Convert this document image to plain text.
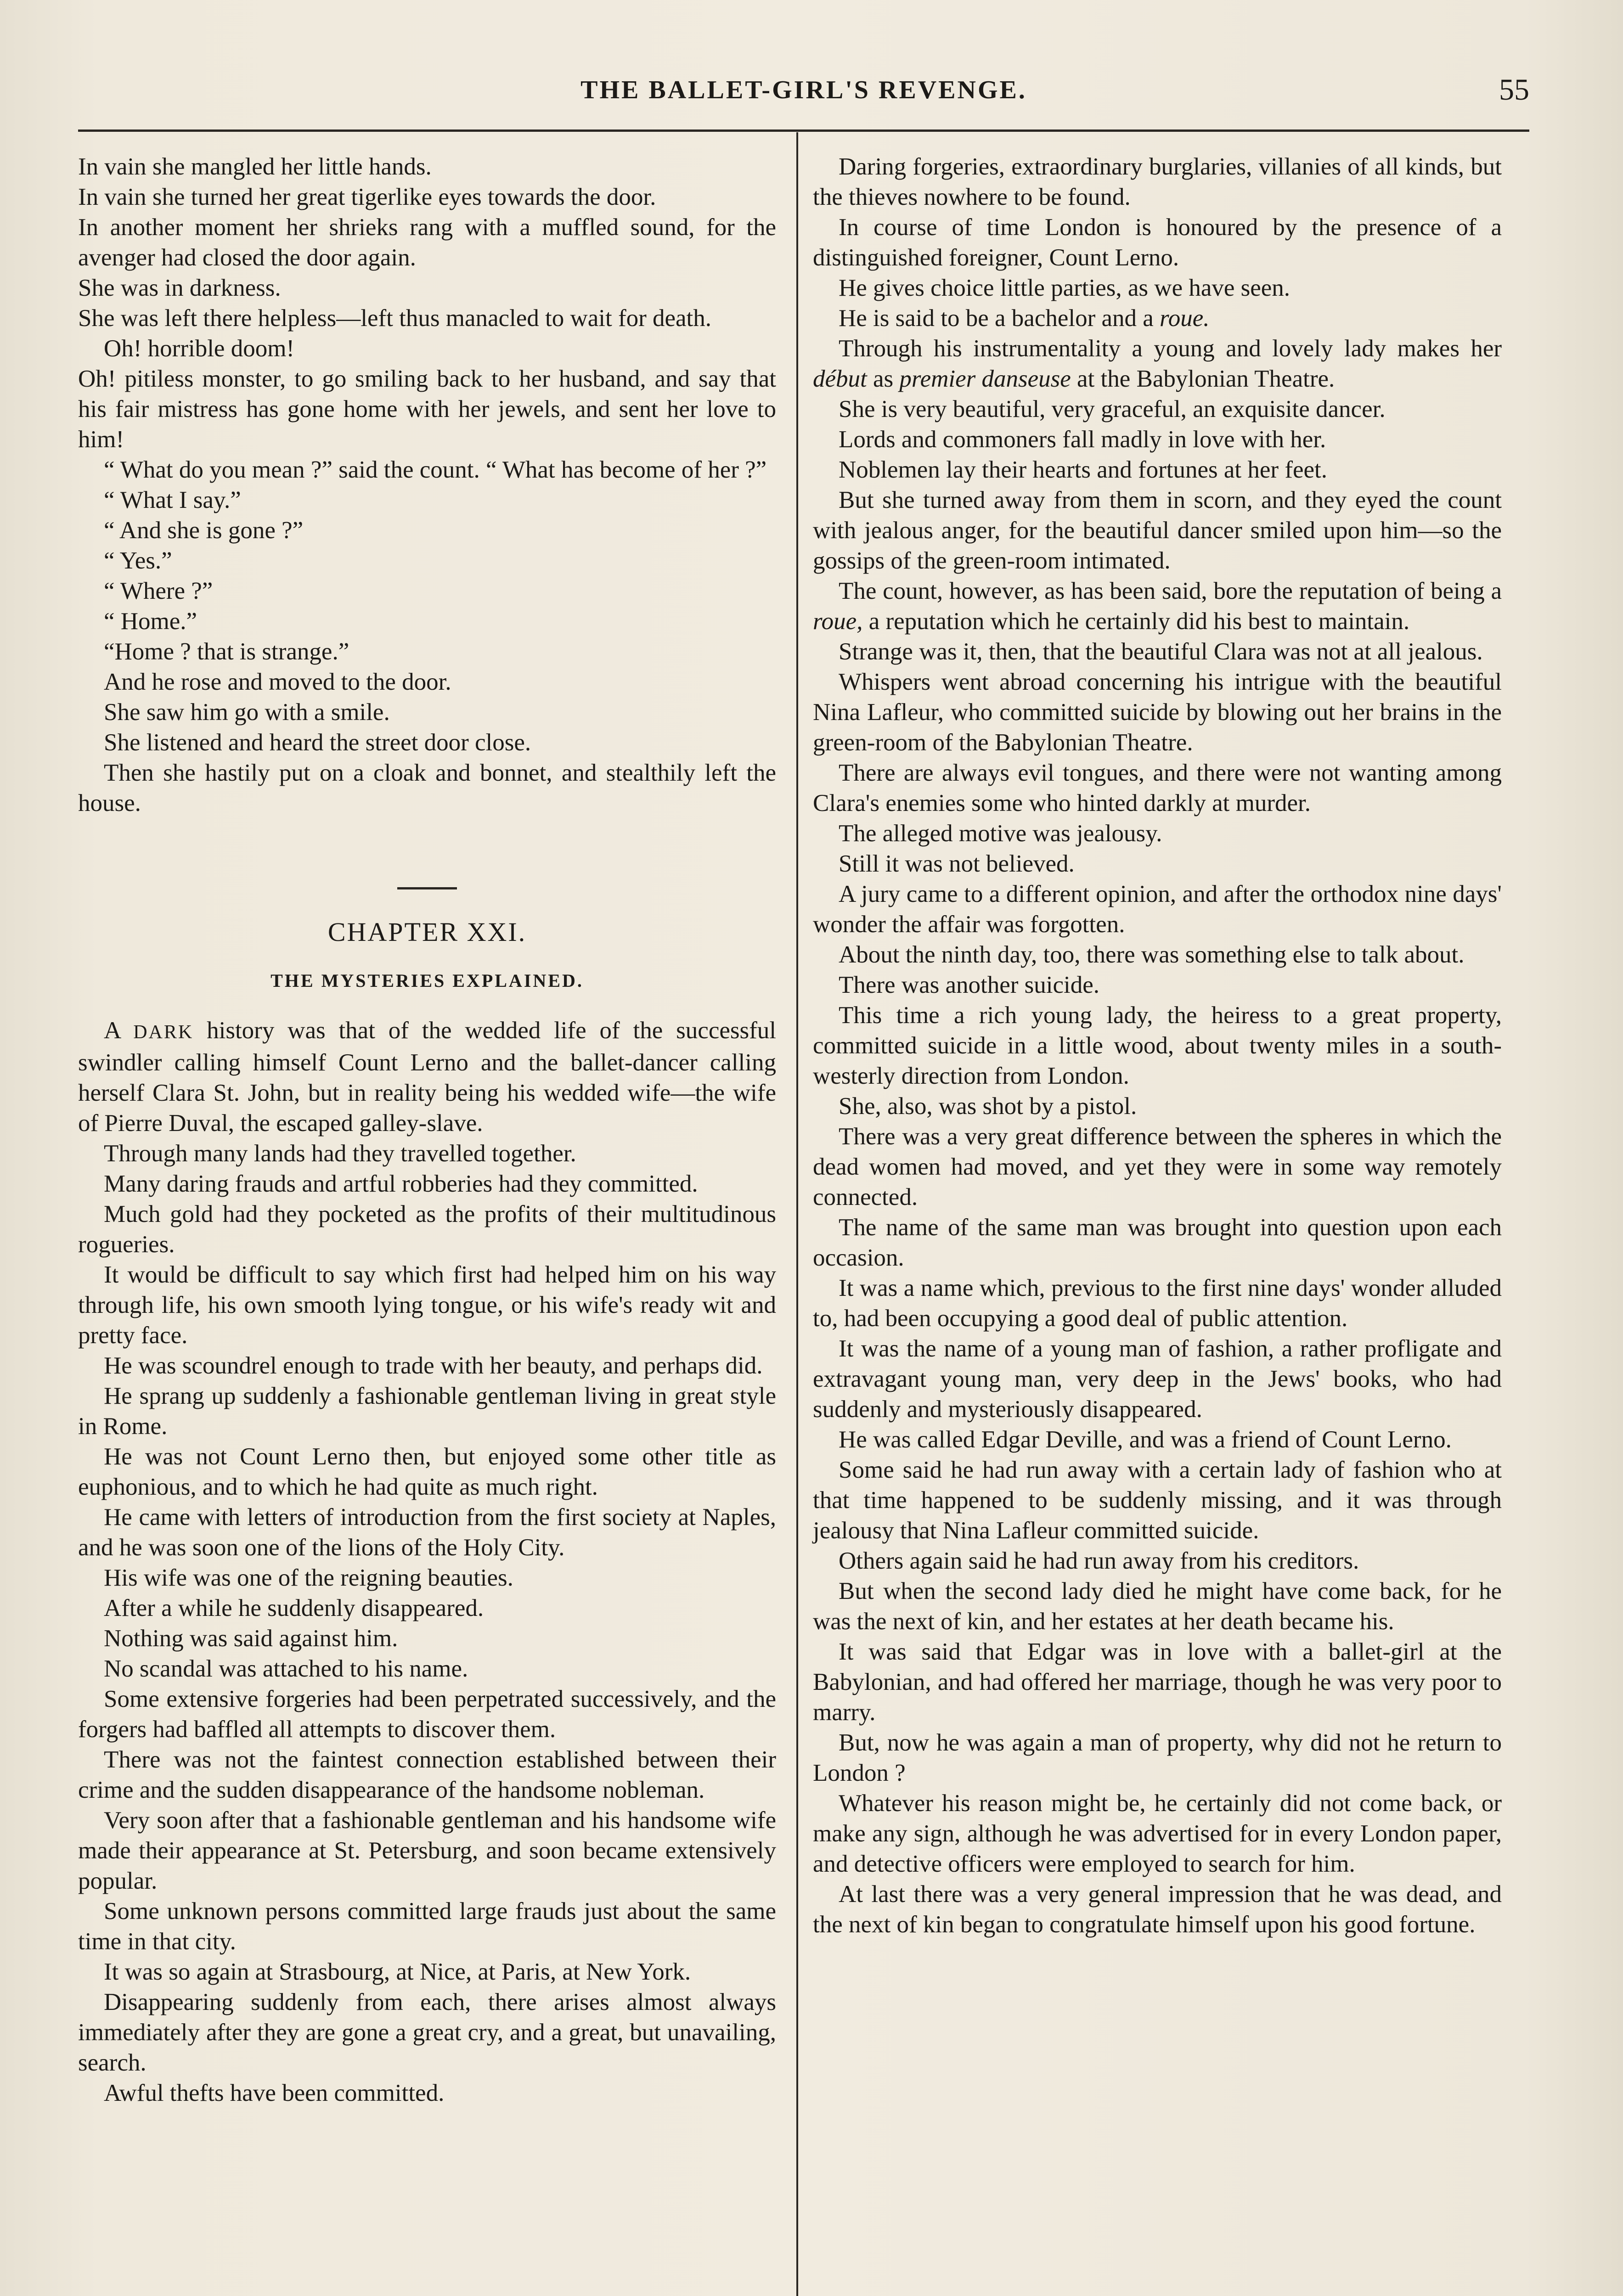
THE BALLET-GIRL'S REVENGE.	55

In vain she mangled her little hands.

In vain she turned her great tigerlike eyes towards the door.

In another moment her shrieks rang with a muffled sound, for the avenger had closed the door again.

She was in darkness.

She was left there helpless—left thus manacled to wait for death.

Oh! horrible doom!

Oh! pitiless monster, to go smiling back to her husband, and say that his fair mistress has gone home with her jewels, and sent her love to him!

“ What do you mean ?” said the count. “ What has become of her ?”

“ What I say.”

“ And she is gone ?”

“ Yes.”

“ Where ?”

“ Home.”

“Home ? that is strange.”

And he rose and moved to the door.

She saw him go with a smile.

She listened and heard the street door close.

Then she hastily put on a cloak and bonnet, and stealthily left the house.

CHAPTER XXI.
THE MYSTERIES EXPLAINED.

A DARK history was that of the wedded life of the successful swindler calling himself Count Lerno and the ballet-dancer calling herself Clara St. John, but in reality being his wedded wife—the wife of Pierre Duval, the escaped galley-slave.

Through many lands had they travelled together.

Many daring frauds and artful robberies had they committed.

Much gold had they pocketed as the profits of their multitudinous rogueries.

It would be difficult to say which first had helped him on his way through life, his own smooth lying tongue, or his wife's ready wit and pretty face.

He was scoundrel enough to trade with her beauty, and perhaps did.

He sprang up suddenly a fashionable gentleman living in great style in Rome.

He was not Count Lerno then, but enjoyed some other title as euphonious, and to which he had quite as much right.

He came with letters of introduction from the first society at Naples, and he was soon one of the lions of the Holy City.

His wife was one of the reigning beauties.

After a while he suddenly disappeared.

Nothing was said against him.

No scandal was attached to his name.

Some extensive forgeries had been perpetrated successively, and the forgers had baffled all attempts to discover them.

There was not the faintest connection established between their crime and the sudden disappearance of the handsome nobleman.

Very soon after that a fashionable gentleman and his handsome wife made their appearance at St. Petersburg, and soon became extensively popular.

Some unknown persons committed large frauds just about the same time in that city.

It was so again at Strasbourg, at Nice, at Paris, at New York.

Disappearing suddenly from each, there arises almost always immediately after they are gone a great cry, and a great, but unavailing, search.

Awful thefts have been committed.

Daring forgeries, extraordinary burglaries, villanies of all kinds, but the thieves nowhere to be found.

In course of time London is honoured by the presence of a distinguished foreigner, Count Lerno.

He gives choice little parties, as we have seen.

He is said to be a bachelor and a roue.

Through his instrumentality a young and lovely lady makes her début as premier danseuse at the Babylonian Theatre.

She is very beautiful, very graceful, an exquisite dancer.

Lords and commoners fall madly in love with her.

Noblemen lay their hearts and fortunes at her feet.

But she turned away from them in scorn, and they eyed the count with jealous anger, for the beautiful dancer smiled upon him—so the gossips of the green-room intimated.

The count, however, as has been said, bore the reputation of being a roue, a reputation which he certainly did his best to maintain.

Strange was it, then, that the beautiful Clara was not at all jealous.

Whispers went abroad concerning his intrigue with the beautiful Nina Lafleur, who committed suicide by blowing out her brains in the green-room of the Babylonian Theatre.

There are always evil tongues, and there were not wanting among Clara's enemies some who hinted darkly at murder.

The alleged motive was jealousy.

Still it was not believed.

A jury came to a different opinion, and after the orthodox nine days' wonder the affair was forgotten.

About the ninth day, too, there was something else to talk about.

There was another suicide.

This time a rich young lady, the heiress to a great property, committed suicide in a little wood, about twenty miles in a south-westerly direction from London.

She, also, was shot by a pistol.

There was a very great difference between the spheres in which the dead women had moved, and yet they were in some way remotely connected.

The name of the same man was brought into question upon each occasion.

It was a name which, previous to the first nine days' wonder alluded to, had been occupying a good deal of public attention.

It was the name of a young man of fashion, a rather profligate and extravagant young man, very deep in the Jews' books, who had suddenly and mysteriously disappeared.

He was called Edgar Deville, and was a friend of Count Lerno.

Some said he had run away with a certain lady of fashion who at that time happened to be suddenly missing, and it was through jealousy that Nina Lafleur committed suicide.

Others again said he had run away from his creditors.

But when the second lady died he might have come back, for he was the next of kin, and her estates at her death became his.

It was said that Edgar was in love with a ballet-girl at the Babylonian, and had offered her marriage, though he was very poor to marry.

But, now he was again a man of property, why did not he return to London ?

Whatever his reason might be, he certainly did not come back, or make any sign, although he was advertised for in every London paper, and detective officers were employed to search for him.

At last there was a very general impression that he was dead, and the next of kin began to congratulate himself upon his good fortune.
